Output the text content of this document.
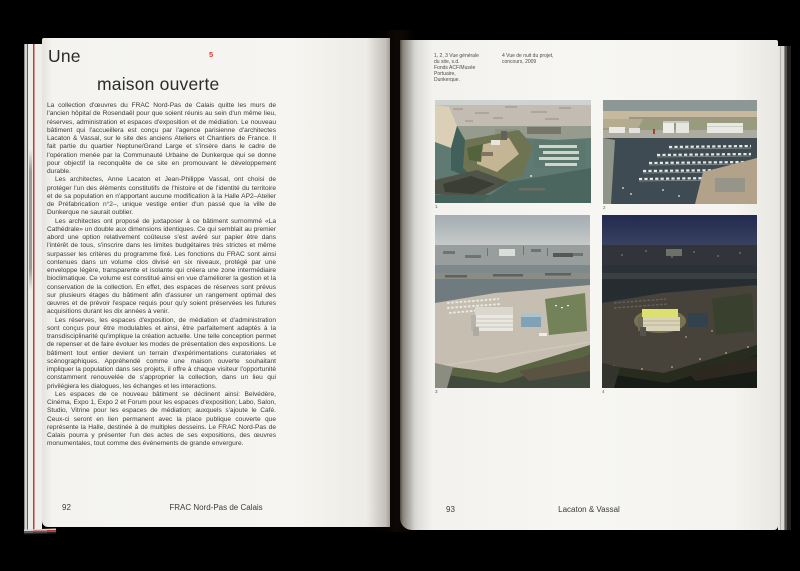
Une	5
maison ouverte

La collection d'œuvres du FRAC Nord-Pas de Calais quitte les murs de l'ancien hôpital de Rosendaël pour que soient réunis au sein d'un même lieu, réserves, administration et espaces d'exposition et de médiation. Le nouveau bâtiment qui l'accueillera est conçu par l'agence parisienne d'architectes Lacaton & Vassal, sur le site des anciens Ateliers et Chantiers de France. Il fait partie du quartier Neptune/Grand Large et s'insère dans le cadre de l'opération menée par la Communauté Urbaine de Dunkerque qui se donne pour objectif la reconquête de ce site en promouvant le développement durable.

Les architectes, Anne Lacaton et Jean-Philippe Vassal, ont choisi de protéger l'un des éléments constitutifs de l'histoire et de l'identité du territoire et de sa population en n'apportant aucune modification à la Halle AP2–Atelier de Préfabrication n°2–, unique vestige entier d'un passé que la ville de Dunkerque ne saurait oublier.

Les architectes ont proposé de juxtaposer à ce bâtiment surnommé «La Cathédrale» un double aux dimensions identiques. Ce qui semblait au premier abord une option relativement coûteuse s'est avéré sur papier être dans l'intérêt de tous, s'inscrire dans les limites budgétaires très strictes et même surpasser les critères du programme fixé. Les fonctions du FRAC sont ainsi contenues dans un volume clos divisé en six niveaux, protégé par une enveloppe légère, transparente et isolante qui créera une zone intermédiaire bioclimatique. Ce volume est constitué ainsi en vue d'améliorer la gestion et la conservation de la collection. En effet, des espaces de réserves sont prévus sur plusieurs étages du bâtiment afin d'assurer un rangement optimal des œuvres et de prévoir l'espace requis pour qu'y soient préservées les futures acquisitions durant les dix années à venir.

Les réserves, les espaces d'exposition, de médiation et d'administration sont conçus pour être modulables et ainsi, être parfaitement adaptés à la transdisciplinarité qu'implique la création actuelle. Une telle conception permet de repenser et de faire évoluer les modes de présentation des expositions. Le bâtiment tout entier devient un terrain d'expérimentations curatoriales et scénographiques. Appréhendé comme une maison ouverte souhaitant impliquer la population dans ses projets, il offre à chaque visiteur l'opportunité constamment renouvelée de s'approprier la collection, dans un lieu qui privilégiera les dialogues, les échanges et les interactions.

Les espaces de ce nouveau bâtiment se déclinent ainsi: Belvédère, Cinéma, Expo 1, Expo 2 et Forum pour les espaces d'exposition; Labo, Salon, Studio, Vitrine pour les espaces de médiation; auxquels s'ajoute le Café. Ceux-ci seront en lien permanent avec la place publique couverte que représente la Halle, destinée à de multiples desseins. Le FRAC Nord-Pas de Calais pourra y présenter l'un des actes de ses expositions, des œuvres monumentales, tout comme des événements de grande envergure.

92	FRAC Nord-Pas de Calais
1, 2, 3 Vue générale
du site, s.d.
Fonds ACF/Musée Portuaire,
Dunkerque.
4 Vue de nuit du projet,
concours, 2009
1	2
3	4
93	Lacaton & Vassal
